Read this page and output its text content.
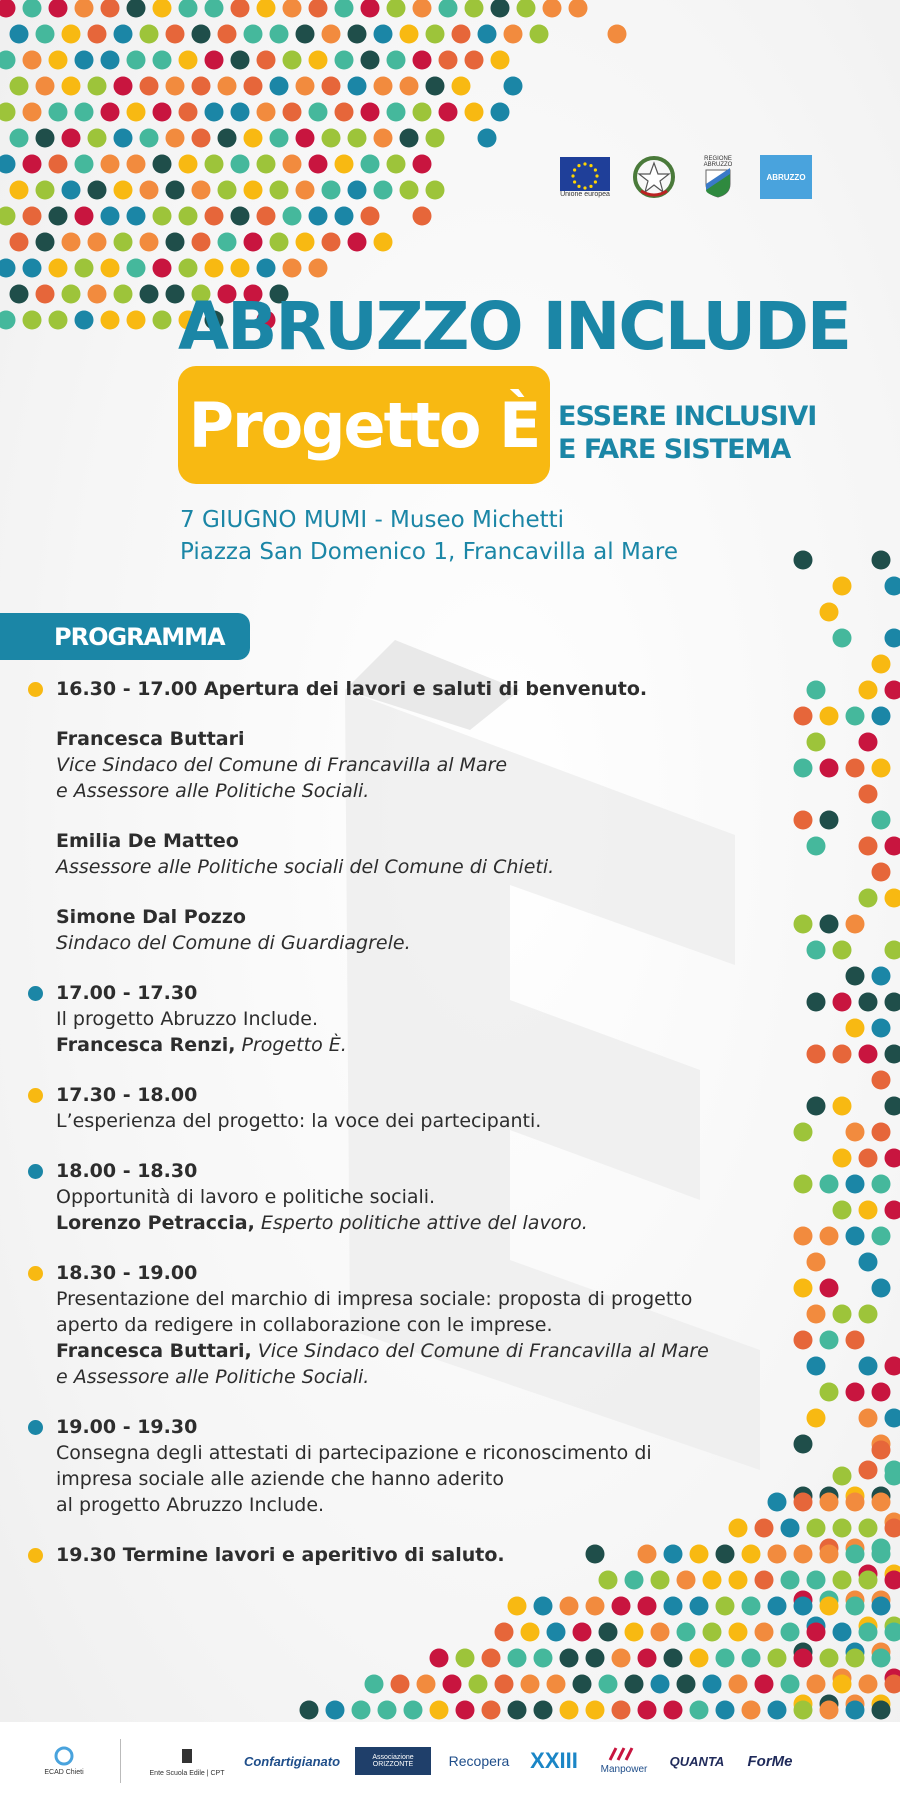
Unione europea
REGIONE ABRUZZO
ABRUZZO
ABRUZZO INCLUDE
Progetto È ESSERE INCLUSIVI
E FARE SISTEMA
7 GIUGNO MUMI - Museo Michetti
Piazza San Domenico 1, Francavilla al Mare
PROGRAMMA
16.30 - 17.00 Apertura dei lavori e saluti di benvenuto.
Francesca Buttari
Vice Sindaco del Comune di Francavilla al Mare
e Assessore alle Politiche Sociali.
Emilia De Matteo
Assessore alle Politiche sociali del Comune di Chieti.
Simone Dal Pozzo
Sindaco del Comune di Guardiagrele.
17.00 - 17.30
Il progetto Abruzzo Include.
Francesca Renzi, Progetto È.
17.30 - 18.00
L’esperienza del progetto: la voce dei partecipanti.
18.00 - 18.30
Opportunità di lavoro e politiche sociali.
Lorenzo Petraccia, Esperto politiche attive del lavoro.
18.30 - 19.00
Presentazione del marchio di impresa sociale: proposta di progetto
aperto da redigere in collaborazione con le imprese.
Francesca Buttari, Vice Sindaco del Comune di Francavilla al Mare
e Assessore alle Politiche Sociali.
19.00 - 19.30
Consegna degli attestati di partecipazione e riconoscimento di
impresa sociale alle aziende che hanno aderito
al progetto Abruzzo Include.
19.30 Termine lavori e aperitivo di saluto.
ECAD Chieti	Ente Scuola Edile | CPT
Confartigianato	Associazione ORIZZONTE	Recopera XXIII	Manpower
QUANTA	ForMe
